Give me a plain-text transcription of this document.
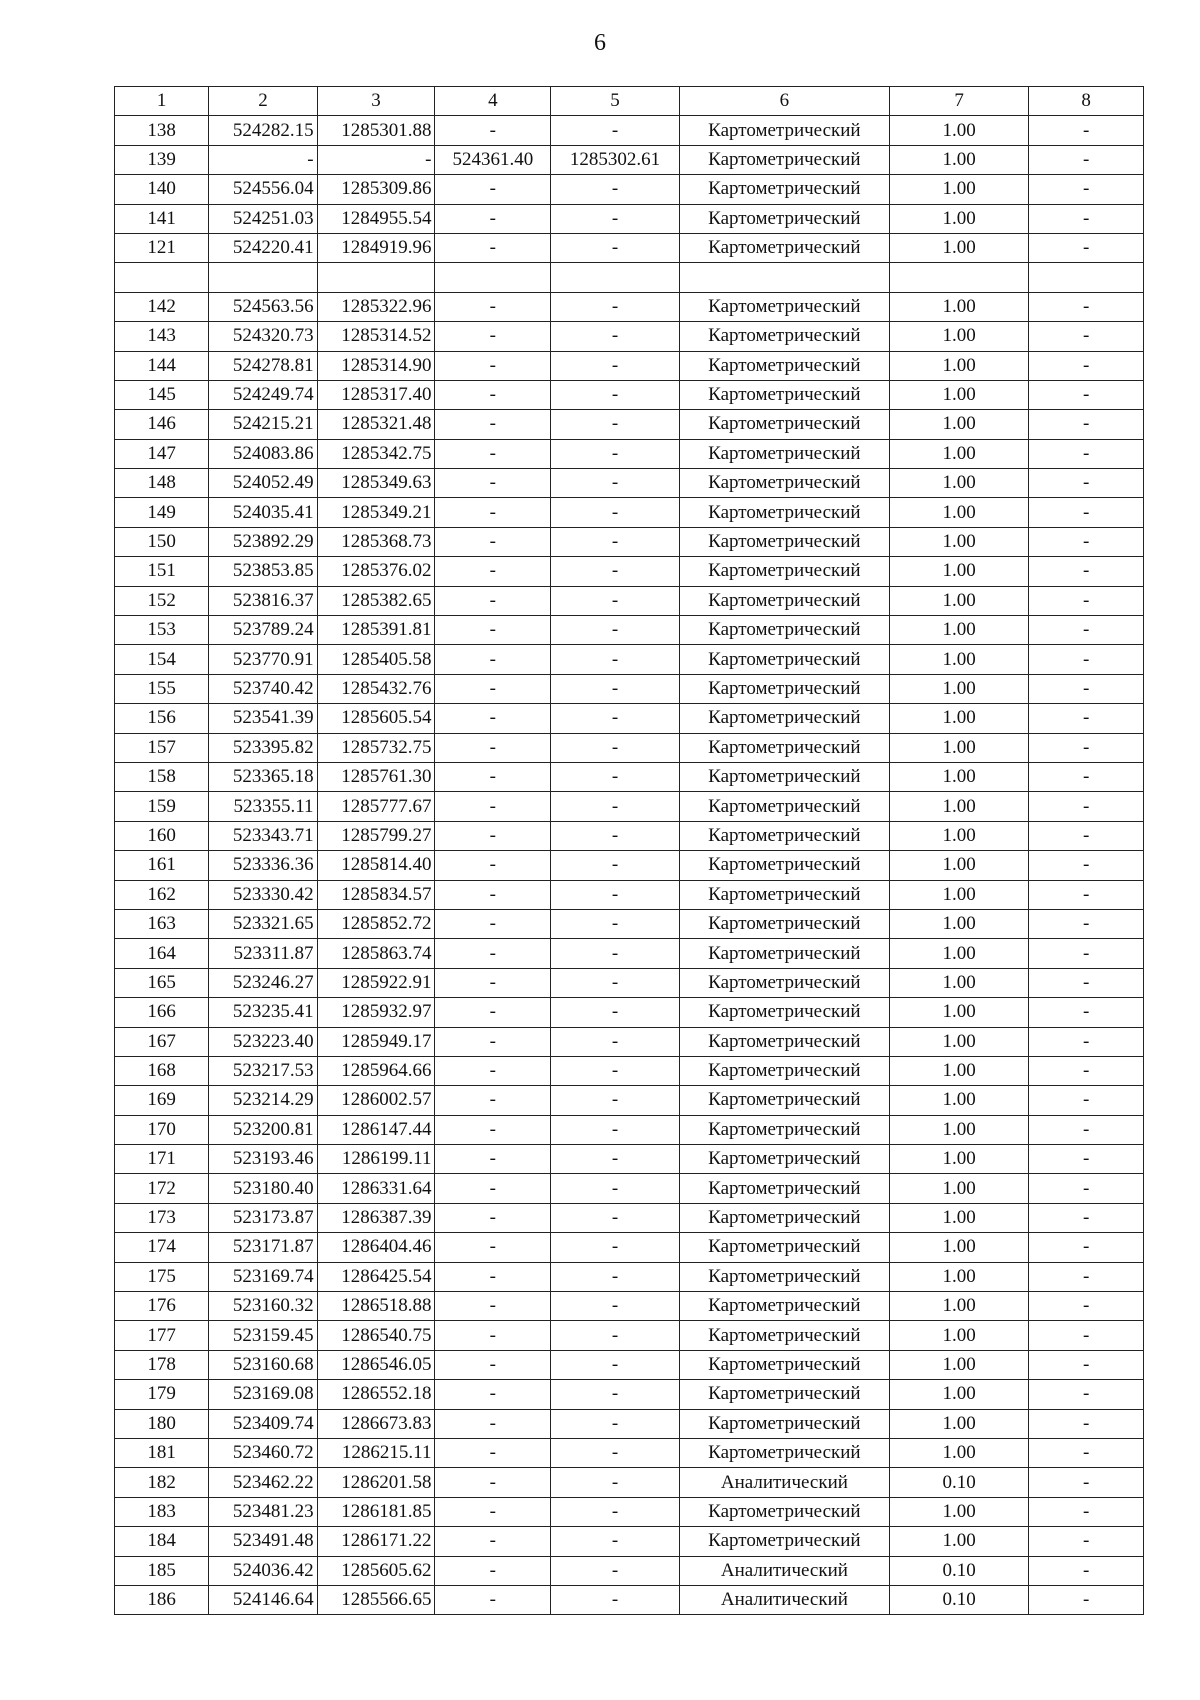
6
1	2	3	4	5	6	7	8
138	524282.15	1285301.88	-	-	Картометрический	1.00	-
139	-	-	524361.40	1285302.61	Картометрический	1.00	-
140	524556.04	1285309.86	-	-	Картометрический	1.00	-
141	524251.03	1284955.54	-	-	Картометрический	1.00	-
121	524220.41	1284919.96	-	-	Картометрический	1.00	-

142	524563.56	1285322.96	-	-	Картометрический	1.00	-
143	524320.73	1285314.52	-	-	Картометрический	1.00	-
144	524278.81	1285314.90	-	-	Картометрический	1.00	-
145	524249.74	1285317.40	-	-	Картометрический	1.00	-
146	524215.21	1285321.48	-	-	Картометрический	1.00	-
147	524083.86	1285342.75	-	-	Картометрический	1.00	-
148	524052.49	1285349.63	-	-	Картометрический	1.00	-
149	524035.41	1285349.21	-	-	Картометрический	1.00	-
150	523892.29	1285368.73	-	-	Картометрический	1.00	-
151	523853.85	1285376.02	-	-	Картометрический	1.00	-
152	523816.37	1285382.65	-	-	Картометрический	1.00	-
153	523789.24	1285391.81	-	-	Картометрический	1.00	-
154	523770.91	1285405.58	-	-	Картометрический	1.00	-
155	523740.42	1285432.76	-	-	Картометрический	1.00	-
156	523541.39	1285605.54	-	-	Картометрический	1.00	-
157	523395.82	1285732.75	-	-	Картометрический	1.00	-
158	523365.18	1285761.30	-	-	Картометрический	1.00	-
159	523355.11	1285777.67	-	-	Картометрический	1.00	-
160	523343.71	1285799.27	-	-	Картометрический	1.00	-
161	523336.36	1285814.40	-	-	Картометрический	1.00	-
162	523330.42	1285834.57	-	-	Картометрический	1.00	-
163	523321.65	1285852.72	-	-	Картометрический	1.00	-
164	523311.87	1285863.74	-	-	Картометрический	1.00	-
165	523246.27	1285922.91	-	-	Картометрический	1.00	-
166	523235.41	1285932.97	-	-	Картометрический	1.00	-
167	523223.40	1285949.17	-	-	Картометрический	1.00	-
168	523217.53	1285964.66	-	-	Картометрический	1.00	-
169	523214.29	1286002.57	-	-	Картометрический	1.00	-
170	523200.81	1286147.44	-	-	Картометрический	1.00	-
171	523193.46	1286199.11	-	-	Картометрический	1.00	-
172	523180.40	1286331.64	-	-	Картометрический	1.00	-
173	523173.87	1286387.39	-	-	Картометрический	1.00	-
174	523171.87	1286404.46	-	-	Картометрический	1.00	-
175	523169.74	1286425.54	-	-	Картометрический	1.00	-
176	523160.32	1286518.88	-	-	Картометрический	1.00	-
177	523159.45	1286540.75	-	-	Картометрический	1.00	-
178	523160.68	1286546.05	-	-	Картометрический	1.00	-
179	523169.08	1286552.18	-	-	Картометрический	1.00	-
180	523409.74	1286673.83	-	-	Картометрический	1.00	-
181	523460.72	1286215.11	-	-	Картометрический	1.00	-
182	523462.22	1286201.58	-	-	Аналитический	0.10	-
183	523481.23	1286181.85	-	-	Картометрический	1.00	-
184	523491.48	1286171.22	-	-	Картометрический	1.00	-
185	524036.42	1285605.62	-	-	Аналитический	0.10	-
186	524146.64	1285566.65	-	-	Аналитический	0.10	-
